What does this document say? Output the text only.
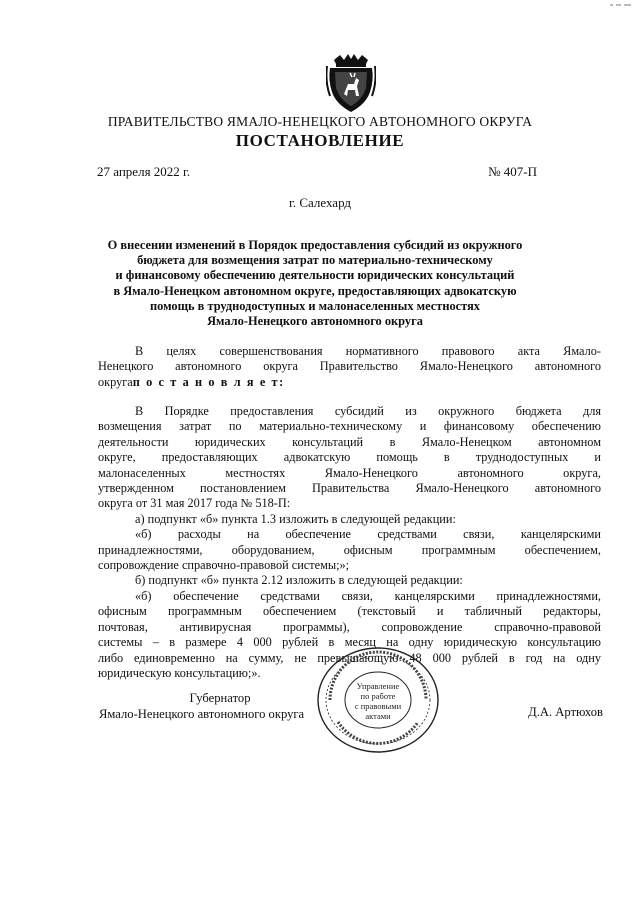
ПРАВИТЕЛЬСТВО ЯМАЛО-НЕНЕЦКОГО АВТОНОМНОГО ОКРУГА
ПОСТАНОВЛЕНИЕ
27 апреля 2022 г.	№ 407-П
г. Салехард
О внесении изменений в Порядок предоставления субсидий из окружного
бюджета для возмещения затрат по материально-техническому
и финансовому обеспечению деятельности юридических консультаций
в Ямало-Ненецком автономном округе, предоставляющих адвокатскую
помощь в труднодоступных и малонаселенных местностях
Ямало-Ненецкого автономного округа
В целях совершенствования нормативного правового акта Ямало-
Ненецкого автономного округа Правительство Ямало-Ненецкого автономного
округап о с т а н о в л я е т:
В Порядке предоставления субсидий из окружного бюджета для
возмещения затрат по материально-техническому и финансовому обеспечению
деятельности юридических консультаций в Ямало-Ненецком автономном
округе, предоставляющих адвокатскую помощь в труднодоступных и
малонаселенных местностях Ямало-Ненецкого автономного округа,
утвержденном постановлением Правительства Ямало-Ненецкого автономного
округа от 31 мая 2017 года № 518-П:
а) подпункт «б» пункта 1.3 изложить в следующей редакции:
«б) расходы на обеспечение средствами связи, канцелярскими
принадлежностями, оборудованием, офисным программным обеспечением,
сопровождение справочно-правовой системы;»;
б) подпункт «б» пункта 2.12 изложить в следующей редакции:
«б) обеспечение средствами связи, канцелярскими принадлежностями,
офисным программным обеспечением (текстовый и табличный редакторы,
почтовая, антивирусная программы), сопровождение справочно-правовой
системы – в размере 4 000 рублей в месяц на одну юридическую консультацию
либо единовременно на сумму, не превышающую 48 000 рублей в год на одну
юридическую консультацию;».
Губернатор
Ямало-Ненецкого автономного округа	Д.А. Артюхов
Управление
по работе
с правовыми
актами
